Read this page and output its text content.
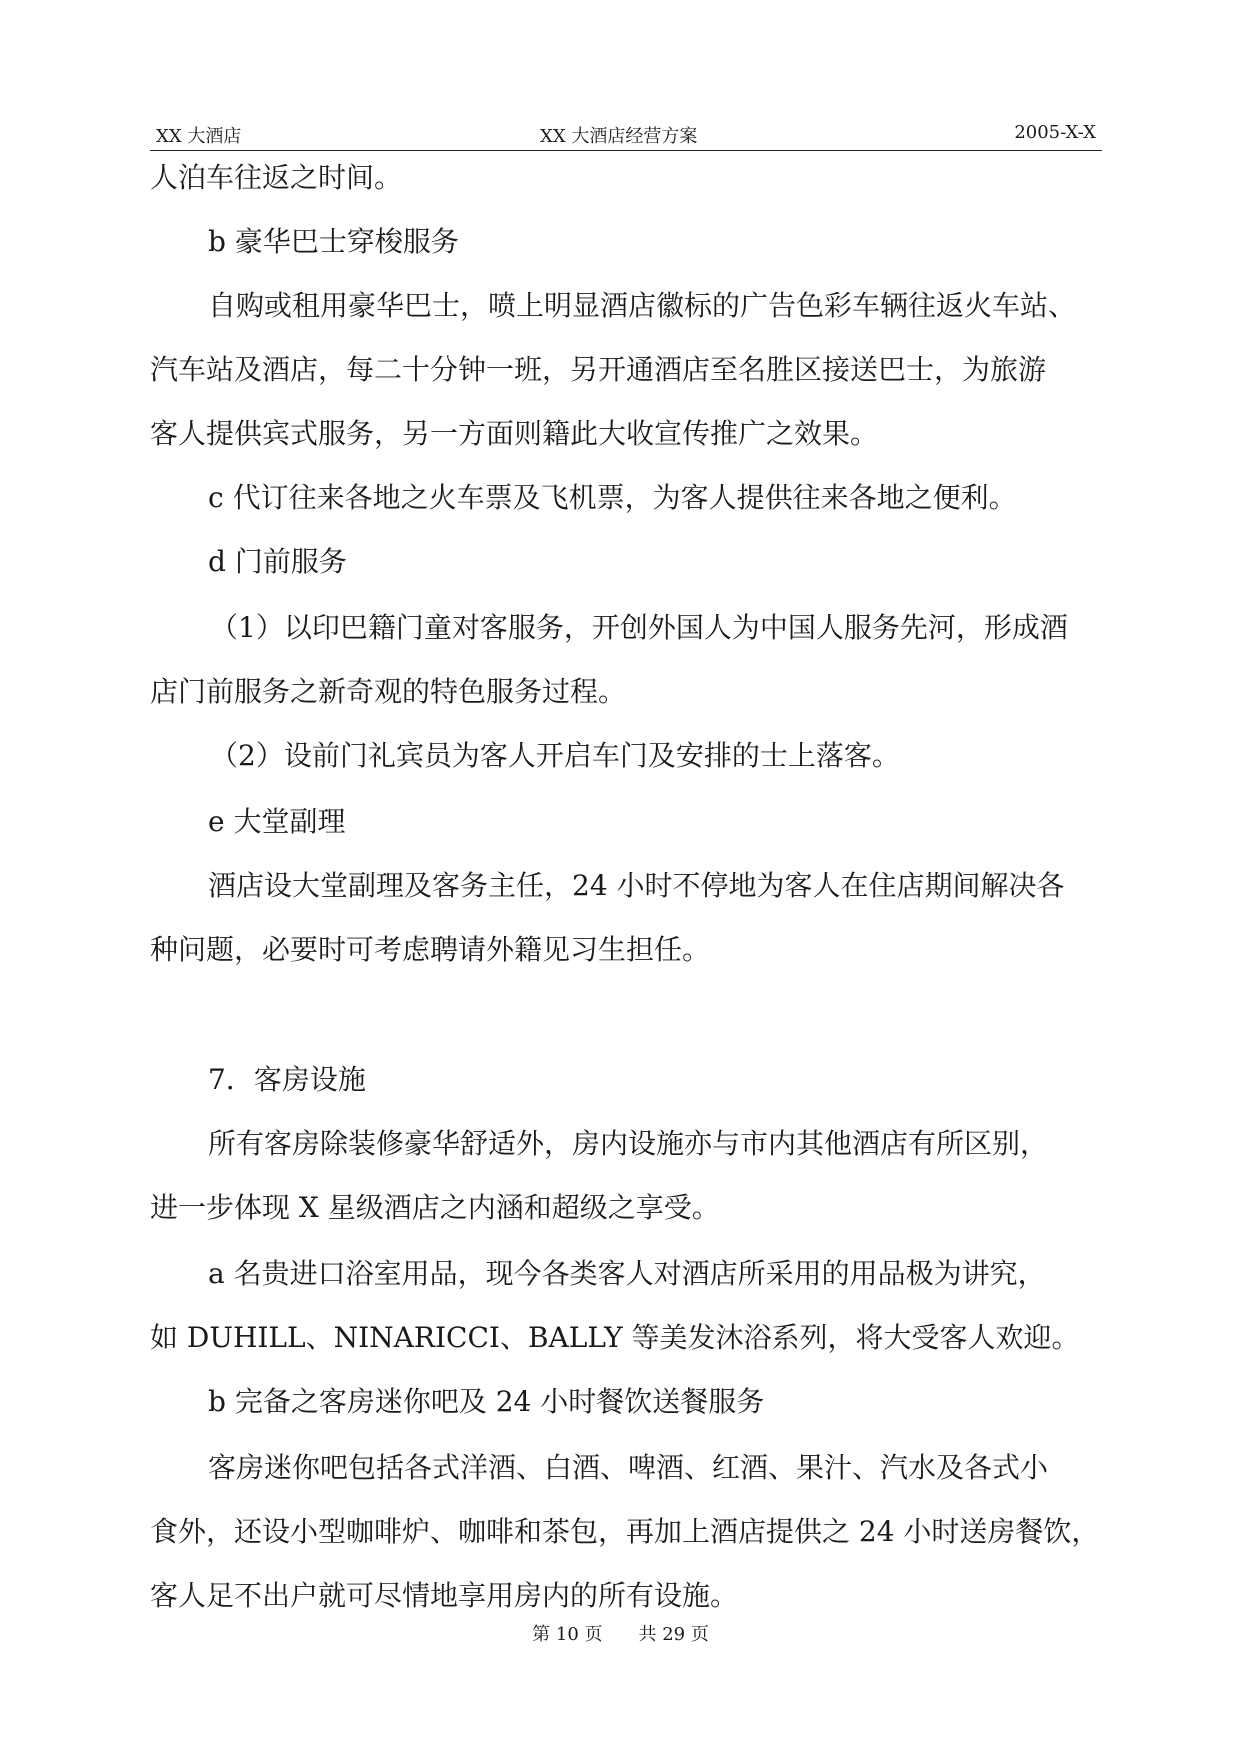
XX 大酒店	XX 大酒店经营方案	2005-X-X
人泊车往返之时间。
b 豪华巴士穿梭服务
自购或租用豪华巴士，喷上明显酒店徽标的广告色彩车辆往返火车站、
汽车站及酒店，每二十分钟一班，另开通酒店至名胜区接送巴士，为旅游
客人提供宾式服务，另一方面则籍此大收宣传推广之效果。
c 代订往来各地之火车票及飞机票，为客人提供往来各地之便利。
d 门前服务
（1）以印巴籍门童对客服务，开创外国人为中国人服务先河，形成酒
店门前服务之新奇观的特色服务过程。
（2）设前门礼宾员为客人开启车门及安排的士上落客。
e 大堂副理
酒店设大堂副理及客务主任，24 小时不停地为客人在住店期间解决各
种问题，必要时可考虑聘请外籍见习生担任。
7．客房设施
所有客房除装修豪华舒适外，房内设施亦与市内其他酒店有所区别，
进一步体现 X 星级酒店之内涵和超级之享受。
a 名贵进口浴室用品，现今各类客人对酒店所采用的用品极为讲究，
如 DUHILL、NINARICCI、BALLY 等美发沐浴系列，将大受客人欢迎。
b 完备之客房迷你吧及 24 小时餐饮送餐服务
客房迷你吧包括各式洋酒、白酒、啤酒、红酒、果汁、汽水及各式小
食外，还设小型咖啡炉、咖啡和茶包，再加上酒店提供之 24 小时送房餐饮，
客人足不出户就可尽情地享用房内的所有设施。
第 10 页 共 29 页
